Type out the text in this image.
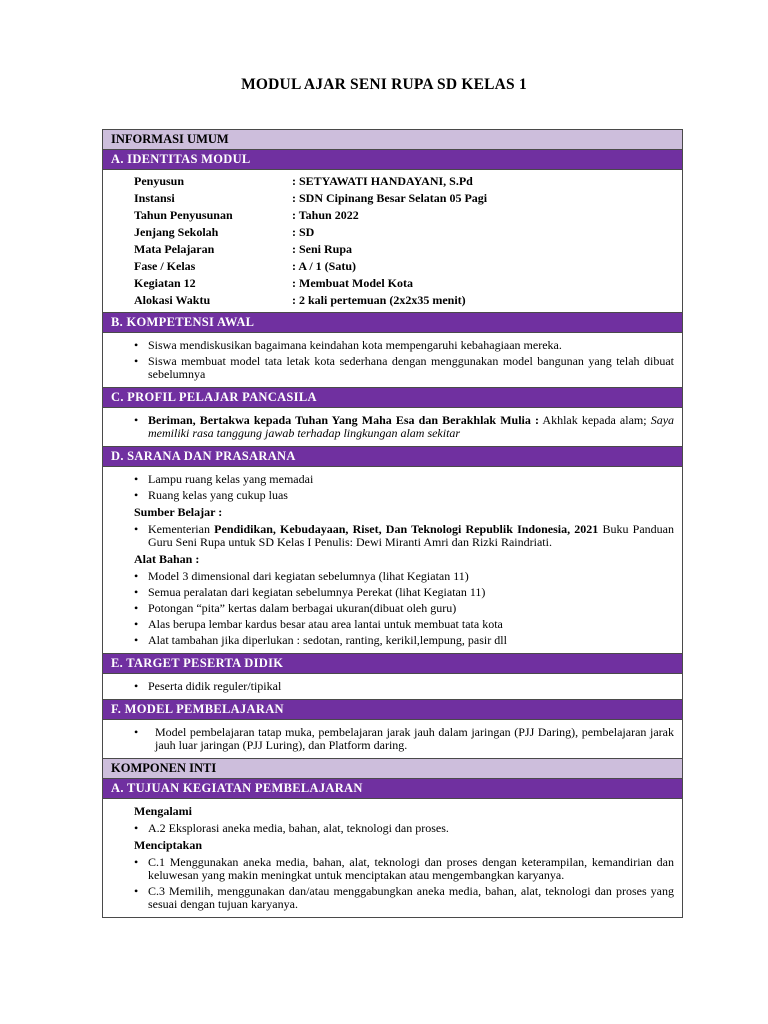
MODUL AJAR SENI RUPA SD KELAS 1
INFORMASI UMUM
A. IDENTITAS MODUL
Penyusun	: SETYAWATI HANDAYANI, S.Pd
Instansi	: SDN Cipinang Besar Selatan 05 Pagi
Tahun Penyusunan	: Tahun 2022
Jenjang Sekolah	: SD
Mata Pelajaran	: Seni Rupa
Fase / Kelas	: A / 1 (Satu)
Kegiatan 12	: Membuat Model Kota
Alokasi Waktu	: 2 kali pertemuan (2x2x35 menit)
B. KOMPETENSI AWAL
• Siswa mendiskusikan bagaimana keindahan kota mempengaruhi kebahagiaan mereka.
• Siswa membuat model tata letak kota sederhana dengan menggunakan model bangunan yang telah dibuat sebelumnya
C. PROFIL PELAJAR PANCASILA
• Beriman, Bertakwa kepada Tuhan Yang Maha Esa dan Berakhlak Mulia : Akhlak kepada alam; Saya memiliki rasa tanggung jawab terhadap lingkungan alam sekitar
D. SARANA DAN PRASARANA
• Lampu ruang kelas yang memadai
• Ruang kelas yang cukup luas
Sumber Belajar :
• Kementerian Pendidikan, Kebudayaan, Riset, Dan Teknologi Republik Indonesia, 2021 Buku Panduan Guru Seni Rupa untuk SD Kelas I Penulis: Dewi Miranti Amri dan Rizki Raindriati.
Alat Bahan :
• Model 3 dimensional dari kegiatan sebelumnya (lihat Kegiatan 11)
• Semua peralatan dari kegiatan sebelumnya Perekat (lihat Kegiatan 11)
• Potongan “pita” kertas dalam berbagai ukuran(dibuat oleh guru)
• Alas berupa lembar kardus besar atau area lantai untuk membuat tata kota
• Alat tambahan jika diperlukan : sedotan, ranting, kerikil,lempung, pasir dll
E. TARGET PESERTA DIDIK
• Peserta didik reguler/tipikal
F. MODEL PEMBELAJARAN
• Model pembelajaran tatap muka, pembelajaran jarak jauh dalam jaringan (PJJ Daring), pembelajaran jarak jauh luar jaringan (PJJ Luring), dan Platform daring.
KOMPONEN INTI
A. TUJUAN KEGIATAN PEMBELAJARAN
Mengalami
• A.2 Eksplorasi aneka media, bahan, alat, teknologi dan proses.
Menciptakan
• C.1 Menggunakan aneka media, bahan, alat, teknologi dan proses dengan keterampilan, kemandirian dan keluwesan yang makin meningkat untuk menciptakan atau mengembangkan karyanya.
• C.3 Memilih, menggunakan dan/atau menggabungkan aneka media, bahan, alat, teknologi dan proses yang sesuai dengan tujuan karyanya.
